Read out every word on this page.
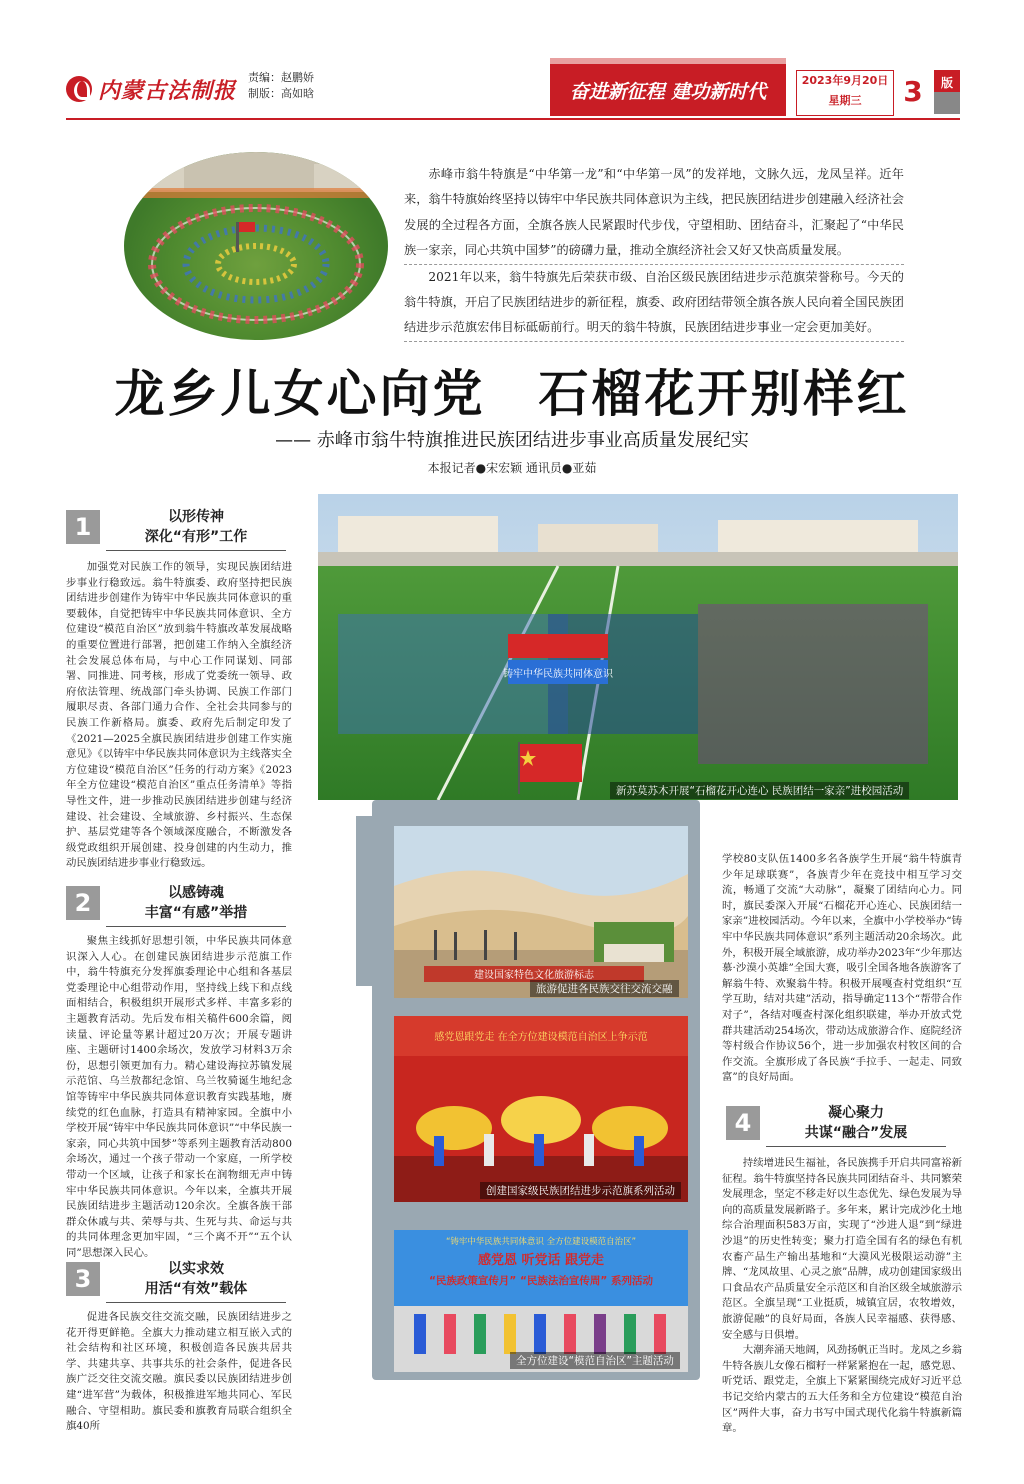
内蒙古法制报 责编：赵鹏娇
制版：高如晗	奋进新征程 建功新时代	2023年9月20日
星期三	3	版

赤峰市翁牛特旗是“中华第一龙”和“中华第一凤”的发祥地，文脉久远，龙凤呈祥。近年来，翁牛特旗始终坚持以铸牢中华民族共同体意识为主线，把民族团结进步创建融入经济社会发展的全过程各方面，全旗各族人民紧跟时代步伐，守望相助、团结奋斗，汇聚起了“中华民族一家亲，同心共筑中国梦”的磅礴力量，推动全旗经济社会又好又快高质量发展。

2021年以来，翁牛特旗先后荣获市级、自治区级民族团结进步示范旗荣誉称号。今天的翁牛特旗，开启了民族团结进步的新征程，旗委、政府团结带领全旗各族人民向着全国民族团结进步示范旗宏伟目标砥砺前行。明天的翁牛特旗，民族团结进步事业一定会更加美好。

龙乡儿女心向党　石榴花开别样红
—— 赤峰市翁牛特旗推进民族团结进步事业高质量发展纪实
本报记者●宋宏颖 通讯员●亚茹
1	以形传神
深化“有形”工作

加强党对民族工作的领导，实现民族团结进步事业行稳致远。翁牛特旗委、政府坚持把民族团结进步创建作为铸牢中华民族共同体意识的重要载体，自觉把铸牢中华民族共同体意识、全方位建设“模范自治区”放到翁牛特旗改革发展战略的重要位置进行部署，把创建工作纳入全旗经济社会发展总体布局，与中心工作同谋划、同部署、同推进、同考核，形成了党委统一领导、政府依法管理、统战部门牵头协调、民族工作部门履职尽责、各部门通力合作、全社会共同参与的民族工作新格局。旗委、政府先后制定印发了《2021—2025全旗民族团结进步创建工作实施意见》《以铸牢中华民族共同体意识为主线落实全方位建设“模范自治区”任务的行动方案》《2023年全方位建设“模范自治区”重点任务清单》等指导性文件，进一步推动民族团结进步创建与经济建设、社会建设、全域旅游、乡村振兴、生态保护、基层党建等各个领域深度融合，不断激发各级党政组织开展创建、投身创建的内生动力，推动民族团结进步事业行稳致远。

2	以感铸魂
丰富“有感”举措

聚焦主线抓好思想引领，中华民族共同体意识深入人心。在创建民族团结进步示范旗工作中，翁牛特旗充分发挥旗委理论中心组和各基层党委理论中心组带动作用，坚持线上线下和点线面相结合，积极组织开展形式多样、丰富多彩的主题教育活动。先后发布相关稿件600余篇，阅读量、评论量等累计超过20万次；开展专题讲座、主题研讨1400余场次，发放学习材料3万余份，思想引领更加有力。精心建设海拉苏镇发展示范馆、乌兰敖都纪念馆、乌兰牧骑诞生地纪念馆等铸牢中华民族共同体意识教育实践基地，赓续党的红色血脉，打造具有精神家园。全旗中小学校开展“铸牢中华民族共同体意识”“中华民族一家亲，同心共筑中国梦”等系列主题教育活动800余场次，通过一个孩子带动一个家庭，一所学校带动一个区域，让孩子和家长在润物细无声中铸牢中华民族共同体意识。今年以来，全旗共开展民族团结进步主题活动120余次。全旗各族干部群众休戚与共、荣辱与共、生死与共、命运与共的共同体理念更加牢固，“三个离不开”“五个认同”思想深入民心。

3	以实求效
用活“有效”载体

促进各民族交往交流交融，民族团结进步之花开得更鲜艳。全旗大力推动建立相互嵌入式的社会结构和社区环境，积极创造各民族共居共学、共建共享、共事共乐的社会条件，促进各民族广泛交往交流交融。旗民委以民族团结进步创建“进军营”为载体，积极推进军地共同心、军民融合、守望相助。旗民委和旗教育局联合组织全旗40所

铸牢中华民族共同体意识
新苏莫苏木开展“石榴花开心连心 民族团结一家亲”进校园活动
建设国家特色文化旅游标志
旅游促进各民族交往交流交融
感党恩跟党走 在全方位建设模范自治区上争示范
创建国家级民族团结进步示范旗系列活动
“铸牢中华民族共同体意识 全方位建设模范自治区”
感党恩 听党话 跟党走
“民族政策宣传月” “民族法治宣传周” 系列活动
全方位建设“模范自治区”主题活动

学校80支队伍1400多名各族学生开展“翁牛特旗青少年足球联赛”，各族青少年在竞技中相互学习交流，畅通了交流“大动脉”，凝聚了团结向心力。同时，旗民委深入开展“石榴花开心连心、民族团结一家亲”进校园活动。今年以来，全旗中小学校举办“铸牢中华民族共同体意识”系列主题活动20余场次。此外，积极开展全域旅游，成功举办2023年“少年那达慕·沙漠小英雄”全国大赛，吸引全国各地各族游客了解翁牛特、欢聚翁牛特。积极开展嘎查村党组织“互学互助，结对共建”活动，指导确定113个“帮带合作对子”，各结对嘎查村深化组织联建，举办开放式党群共建活动254场次，带动达成旅游合作、庭院经济等村级合作协议56个，进一步加强农村牧区间的合作交流。全旗形成了各民族“手拉手、一起走、同致富”的良好局面。

4	凝心聚力
共谋“融合”发展

持续增进民生福祉，各民族携手开启共同富裕新征程。翁牛特旗坚持各民族共同团结奋斗、共同繁荣发展理念，坚定不移走好以生态优先、绿色发展为导向的高质量发展新路子。多年来，累计完成沙化土地综合治理面积583万亩，实现了“沙进人退”到“绿进沙退”的历史性转变；聚力打造全国有名的绿色有机农畜产品生产输出基地和“大漠风光极限运动游”主牌、“龙凤故里、心灵之旅”品牌，成功创建国家级出口食品农产品质量安全示范区和自治区级全域旅游示范区。全旗呈现“工业挺质，城镇宜居，农牧增效，旅游促融”的良好局面，各族人民幸福感、获得感、安全感与日俱增。

大潮奔涌天地阔，风劲扬帆正当时。龙凤之乡翁牛特各族儿女像石榴籽一样紧紧抱在一起，感党恩、听党话、跟党走，全旗上下紧紧围绕完成好习近平总书记交给内蒙古的五大任务和全方位建设“模范自治区”两件大事，奋力书写中国式现代化翁牛特旗新篇章。
